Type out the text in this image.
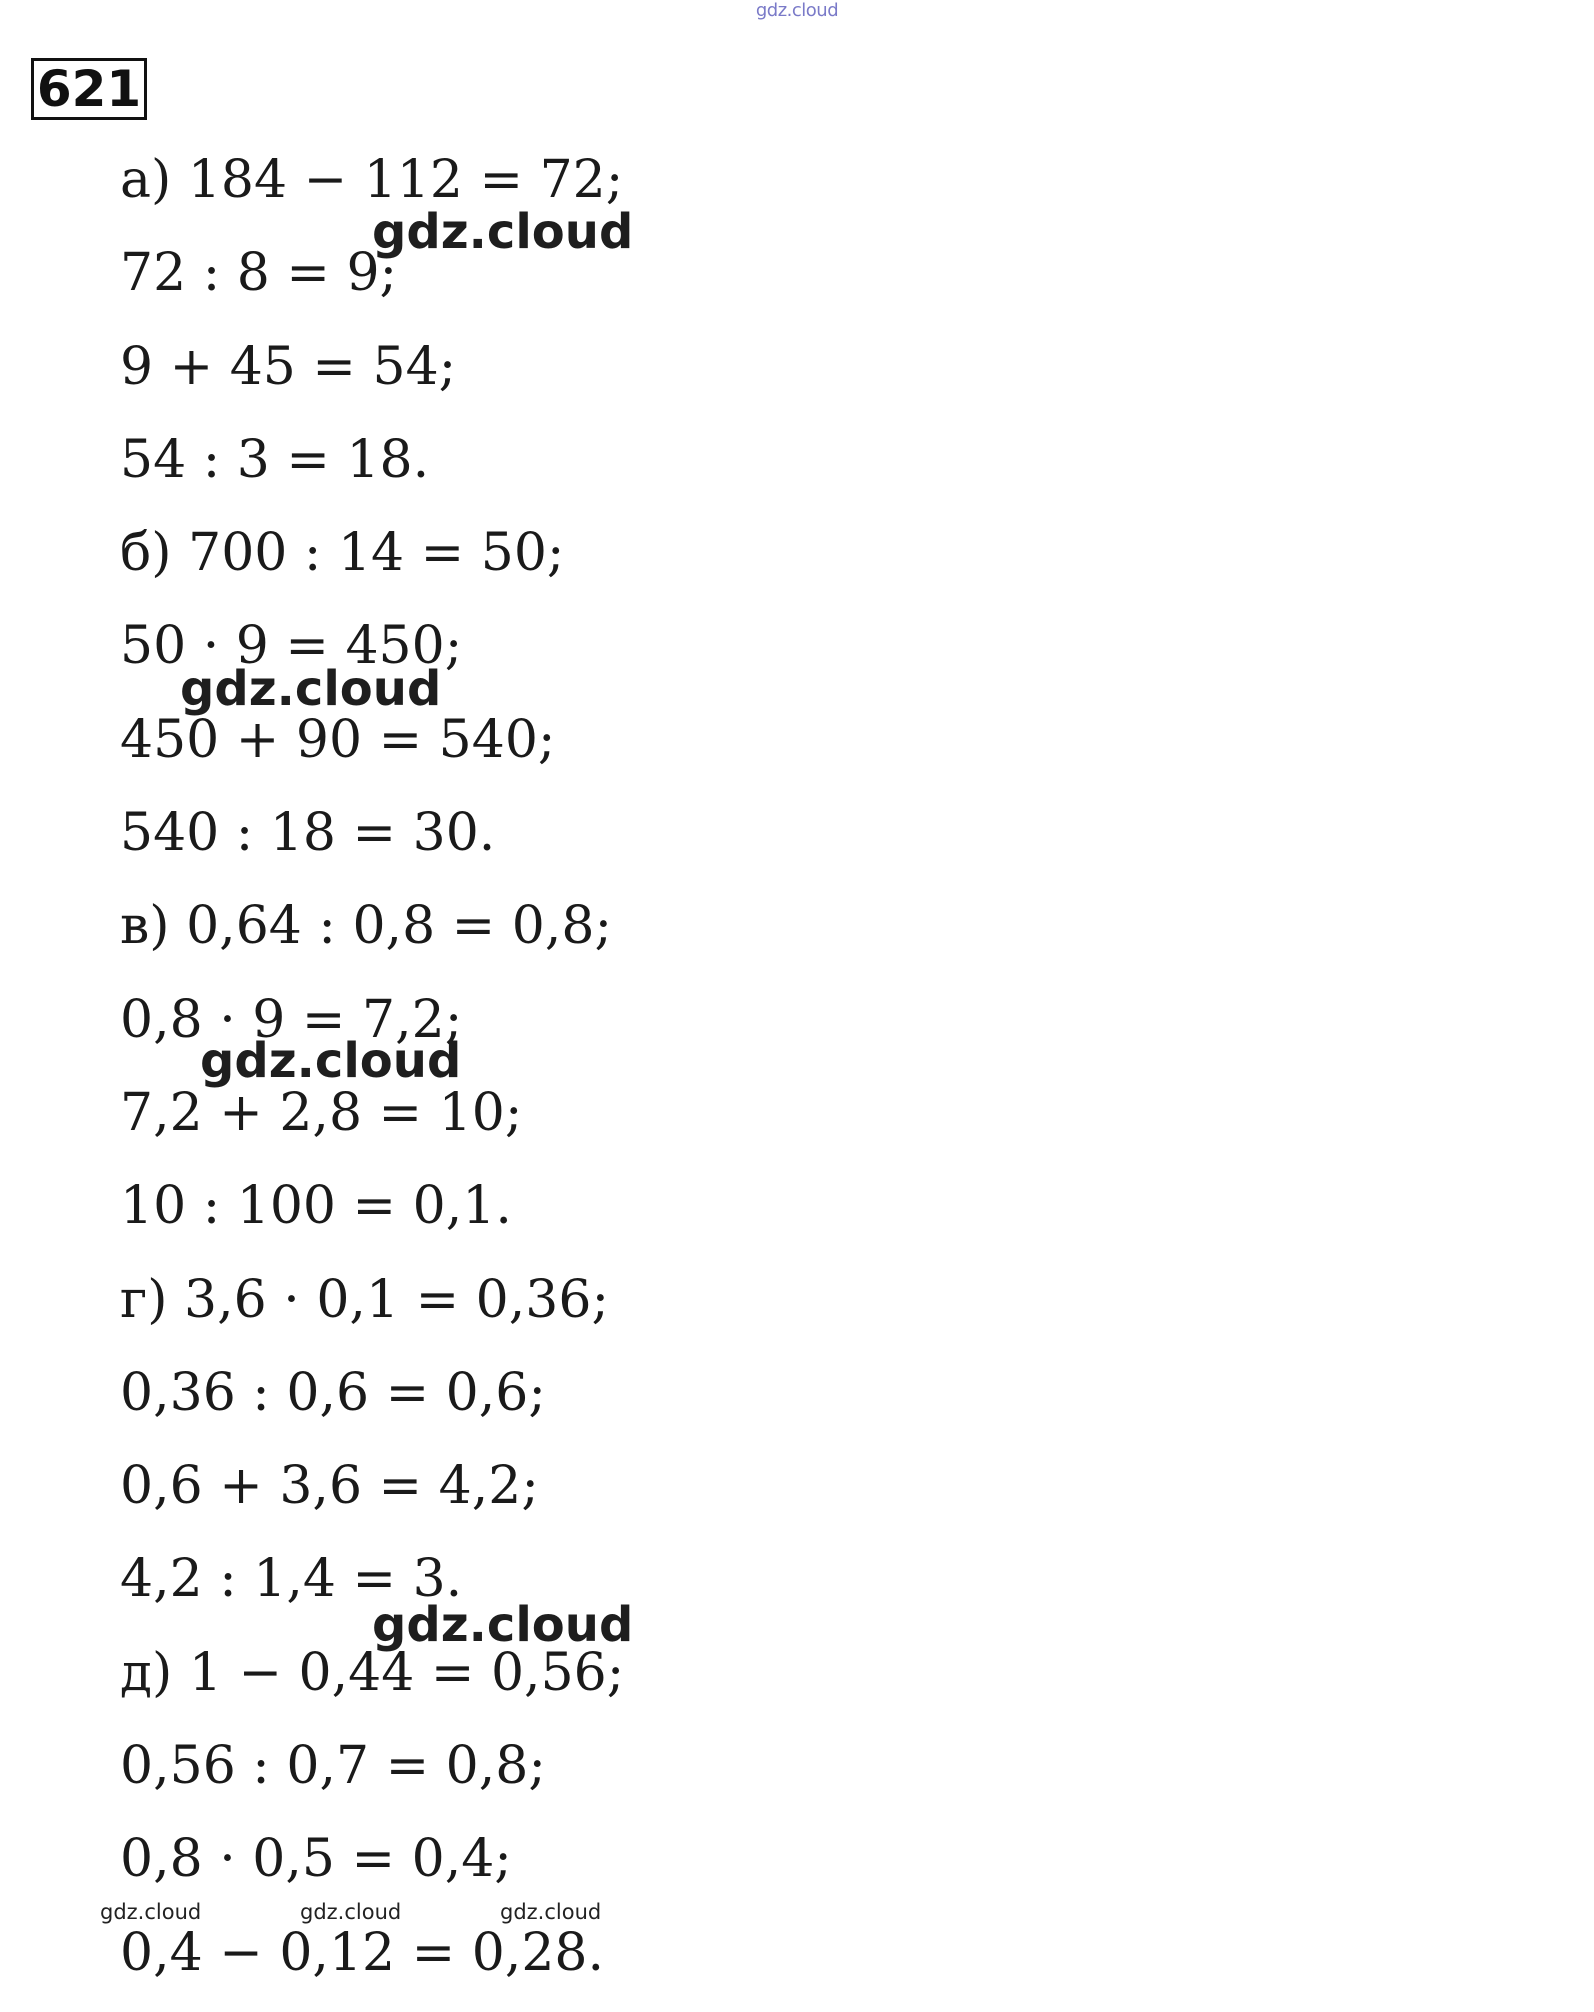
gdz.cloud
621
а) 184 − 112 = 72;
72 : 8 = 9;
9 + 45 = 54;
54 : 3 = 18.
б) 700 : 14 = 50;
50 · 9 = 450;
450 + 90 = 540;
540 : 18 = 30.
в) 0,64 : 0,8 = 0,8;
0,8 · 9 = 7,2;
7,2 + 2,8 = 10;
10 : 100 = 0,1.
г) 3,6 · 0,1 = 0,36;
0,36 : 0,6 = 0,6;
0,6 + 3,6 = 4,2;
4,2 : 1,4 = 3.
д) 1 − 0,44 = 0,56;
0,56 : 0,7 = 0,8;
0,8 · 0,5 = 0,4;
0,4 − 0,12 = 0,28.
gdz.cloud
gdz.cloud
gdz.cloud
gdz.cloud
gdz.cloud	gdz.cloud	gdz.cloud
